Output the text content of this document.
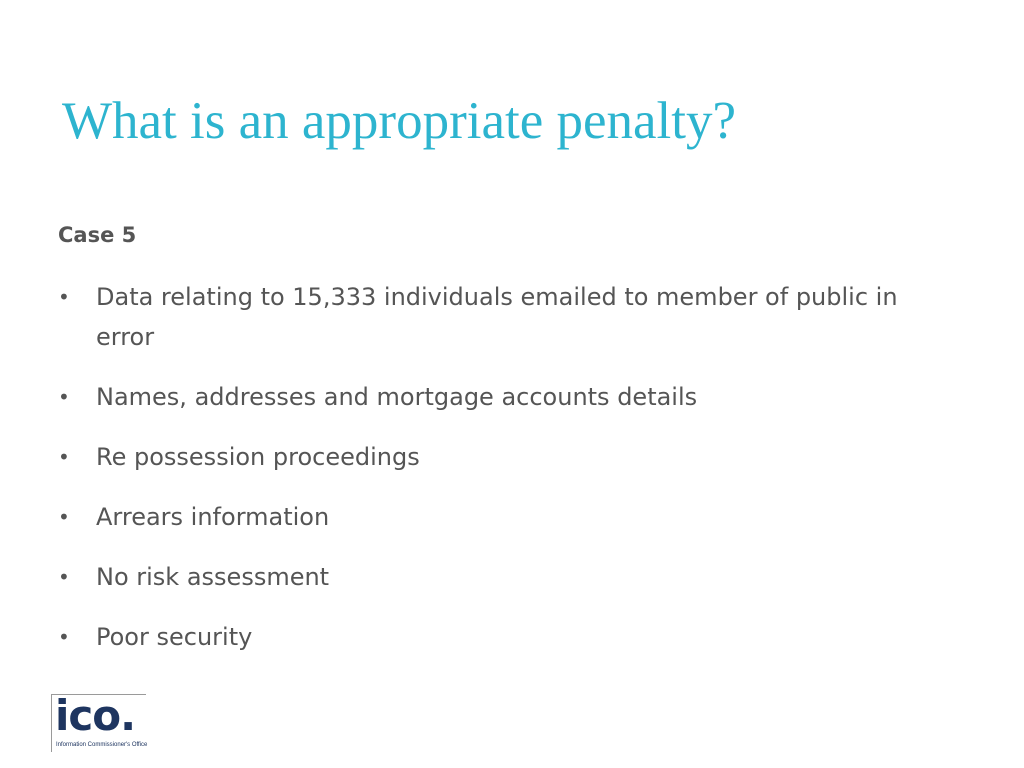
What is an appropriate penalty?
Case 5
•	Data relating to 15,333 individuals emailed to member of public in error
•	Names, addresses and mortgage accounts details
•	Re possession proceedings
•	Arrears information
•	No risk assessment
•	Poor security
ico.
Information Commissioner's Office
